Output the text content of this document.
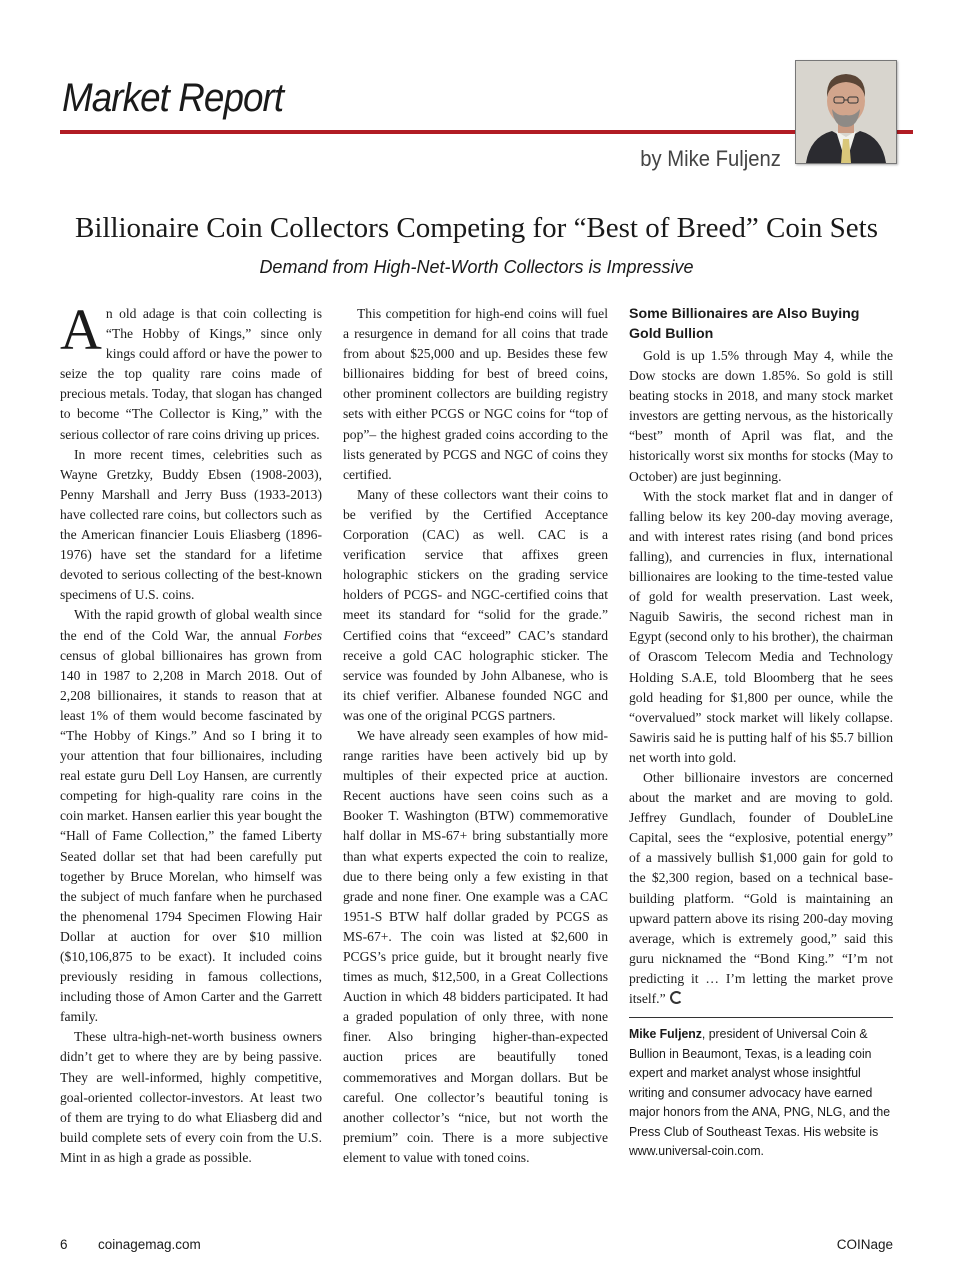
Market Report
by Mike Fuljenz
Billionaire Coin Collectors Competing for “Best of Breed” Coin Sets
Demand from High-Net-Worth Collectors is Impressive

An old adage is that coin collecting is “The Hobby of Kings,” since only kings could afford or have the power to seize the top quality rare coins made of precious metals. Today, that slogan has changed to become “The Collector is King,” with the serious collector of rare coins driving up prices.

In more recent times, celebrities such as Wayne Gretzky, Buddy Ebsen (1908-2003), Penny Marshall and Jerry Buss (1933-2013) have collected rare coins, but collectors such as the American financier Louis Eliasberg (1896-1976) have set the standard for a lifetime devoted to serious collecting of the best-known specimens of U.S. coins.

With the rapid growth of global wealth since the end of the Cold War, the annual Forbes census of global billionaires has grown from 140 in 1987 to 2,208 in March 2018. Out of 2,208 billionaires, it stands to reason that at least 1% of them would become fascinated by “The Hobby of Kings.” And so I bring it to your attention that four billionaires, including real estate guru Dell Loy Hansen, are currently competing for high-quality rare coins in the coin market. Hansen earlier this year bought the “Hall of Fame Collection,” the famed Liberty Seated dollar set that had been carefully put together by Bruce Morelan, who himself was the subject of much fanfare when he purchased the phenomenal 1794 Specimen Flowing Hair Dollar at auction for over $10 million ($10,106,875 to be exact). It included coins previously residing in famous collections, including those of Amon Carter and the Garrett family.

These ultra-high-net-worth business owners didn’t get to where they are by being passive. They are well-informed, highly competitive, goal-oriented collector-investors. At least two of them are trying to do what Eliasberg did and build complete sets of every coin from the U.S. Mint in as high a grade as possible.

This competition for high-end coins will fuel a resurgence in demand for all coins that trade from about $25,000 and up. Besides these few billionaires bidding for best of breed coins, other prominent collectors are building registry sets with either PCGS or NGC coins for “top of pop”– the highest graded coins according to the lists generated by PCGS and NGC of coins they certified.

Many of these collectors want their coins to be verified by the Certified Acceptance Corporation (CAC) as well. CAC is a verification service that affixes green holographic stickers on the grading service holders of PCGS- and NGC-certified coins that meet its standard for “solid for the grade.” Certified coins that “exceed” CAC’s standard receive a gold CAC holographic sticker. The service was founded by John Albanese, who is its chief verifier. Albanese founded NGC and was one of the original PCGS partners.

We have already seen examples of how mid-range rarities have been actively bid up by multiples of their expected price at auction. Recent auctions have seen coins such as a Booker T. Washington (BTW) commemorative half dollar in MS-67+ bring substantially more than what experts expected the coin to realize, due to there being only a few existing in that grade and none finer. One example was a CAC 1951-S BTW half dollar graded by PCGS as MS-67+. The coin was listed at $2,600 in PCGS’s price guide, but it brought nearly five times as much, $12,500, in a Great Collections Auction in which 48 bidders participated. It had a graded population of only three, with none finer. Also bringing higher-than-expected auction prices are beautifully toned commemoratives and Morgan dollars. But be careful. One collector’s beautiful toning is another collector’s “nice, but not worth the premium” coin. There is a more subjective element to value with toned coins.

Some Billionaires are Also Buying Gold Bullion

Gold is up 1.5% through May 4, while the Dow stocks are down 1.85%. So gold is still beating stocks in 2018, and many stock market investors are getting nervous, as the historically “best” month of April was flat, and the historically worst six months for stocks (May to October) are just beginning.

With the stock market flat and in danger of falling below its key 200-day moving average, and with interest rates rising (and bond prices falling), and currencies in flux, international billionaires are looking to the time-tested value of gold for wealth preservation. Last week, Naguib Sawiris, the second richest man in Egypt (second only to his brother), the chairman of Orascom Telecom Media and Technology Holding S.A.E, told Bloomberg that he sees gold heading for $1,800 per ounce, while the “overvalued” stock market will likely collapse. Sawiris said he is putting half of his $5.7 billion net worth into gold.

Other billionaire investors are concerned about the market and are moving to gold. Jeffrey Gundlach, founder of DoubleLine Capital, sees the “explosive, potential energy” of a massively bullish $1,000 gain for gold to the $2,300 region, based on a technical base-building platform. “Gold is maintaining an upward pattern above its rising 200-day moving average, which is extremely good,” said this guru nicknamed the “Bond King.” “I’m not predicting it … I’m letting the market prove itself.”

Mike Fuljenz, president of Universal Coin & Bullion in Beaumont, Texas, is a leading coin expert and market analyst whose insightful writing and consumer advocacy have earned major honors from the ANA, PNG, NLG, and the Press Club of Southeast Texas. His website is www.universal-coin.com.
6 coinagemag.com	COINage
